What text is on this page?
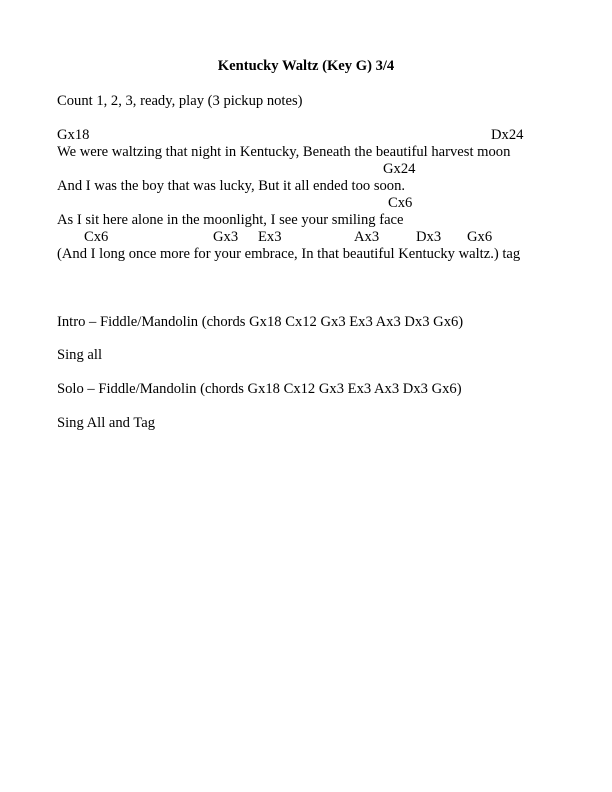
Kentucky Waltz (Key G) 3/4
Count 1, 2, 3, ready, play (3 pickup notes)
Gx18	Dx24
We were waltzing that night in Kentucky, Beneath the beautiful harvest moon
Gx24
And I was the boy that was lucky, But it all ended too soon.
Cx6
As I sit here alone in the moonlight, I see your smiling face
Cx6	Gx3 Ex3	Ax3	Dx3 Gx6
(And I long once more for your embrace, In that beautiful Kentucky waltz.) tag
Intro – Fiddle/Mandolin (chords Gx18 Cx12 Gx3 Ex3 Ax3 Dx3 Gx6)
Sing all
Solo – Fiddle/Mandolin (chords Gx18 Cx12 Gx3 Ex3 Ax3 Dx3 Gx6)
Sing All and Tag
